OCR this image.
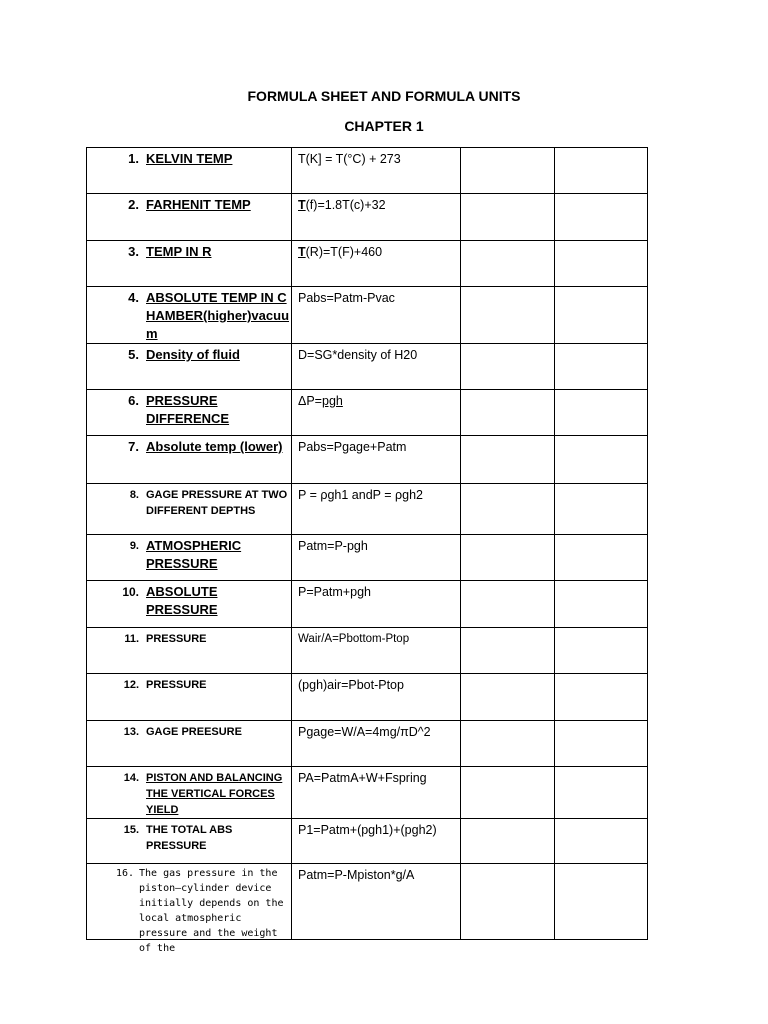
FORMULA SHEET AND FORMULA UNITS
CHAPTER 1
1. KELVIN TEMP	T(K] = T(°C) + 273		

2. FARHENIT TEMP	T(f)=1.8T(c)+32		

3. TEMP IN R	T(R)=T(F)+460		

4. ABSOLUTE TEMP IN CHAMBER(higher)vacuum	Pabs=Patm-Pvac		

5. Density of fluid	D=SG*density of H20		

6. PRESSURE DIFFERENCE	ΔP=pgh		

7. Absolute temp (lower)	Pabs=Pgage+Patm		

8. GAGE PRESSURE AT TWO DIFFERENT DEPTHS	P = ρgh1 andP = ρgh2		

9. ATMOSPHERIC PRESSURE	Patm=P-pgh		

10. ABSOLUTE PRESSURE	P=Patm+pgh		

11. PRESSURE	Wair/A=Pbottom-Ptop		

12. PRESSURE	(pgh)air=Pbot-Ptop		

13. GAGE PREESURE	Pgage=W/A=4mg/πD^2		

14. PISTON AND BALANCING THE VERTICAL FORCES YIELD	PA=PatmA+W+Fspring		

15. THE TOTAL ABS PRESSURE	P1=Patm+(pgh1)+(pgh2)		

16. The gas pressure in the piston–cylinder device initially depends on the local atmospheric pressure and the weight of the	Patm=P-Mpiston*g/A		
